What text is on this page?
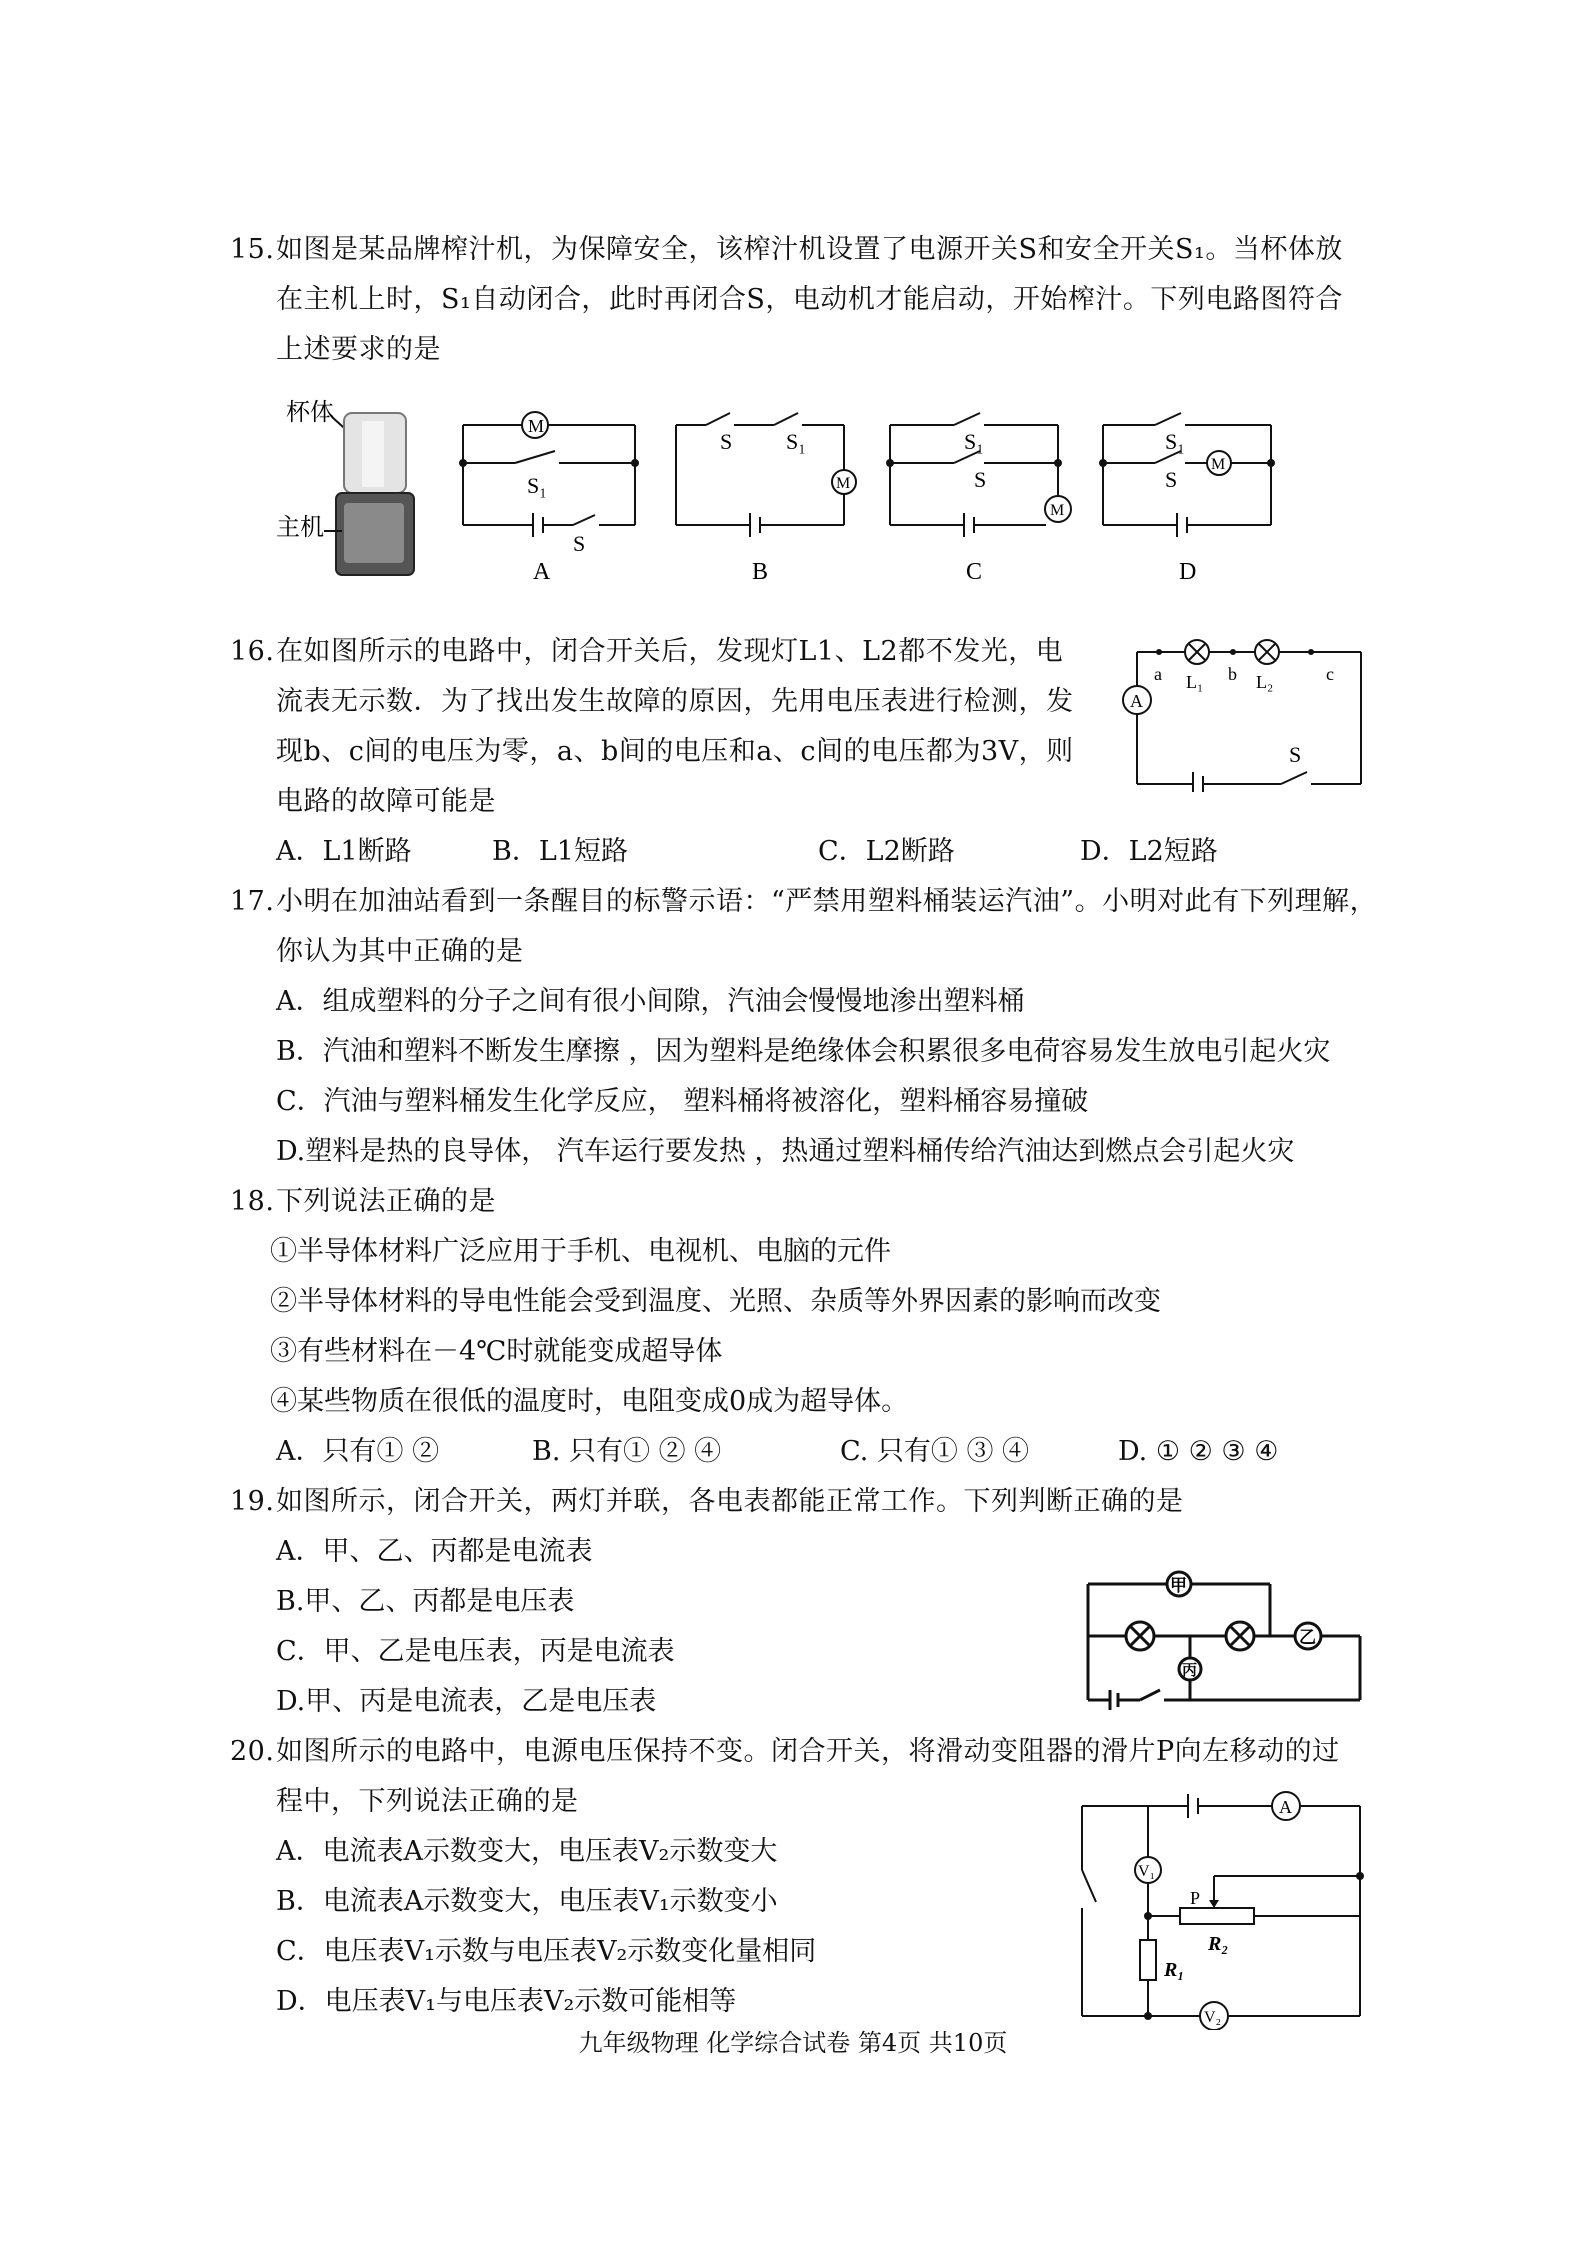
15.如图是某品牌榨汁机，为保障安全，该榨汁机设置了电源开关S和安全开关S₁。当杯体放
在主机上时，S₁自动闭合，此时再闭合S，电动机才能启动，开始榨汁。下列电路图符合
上述要求的是
杯体
主机
M
S₁
S
A
M
S S₁
B
M
S₁
S
C
M
S₁
S
D
16.在如图所示的电路中，闭合开关后，发现灯L1、L2都不发光，电
流表无示数．为了找出发生故障的原因，先用电压表进行检测，发
现b、c间的电压为零，a、b间的电压和a、c间的电压都为3V，则
电路的故障可能是
a	b	c
L₁	L₂
A
S
A．L1断路	B．L1短路	C．L2断路	D．L2短路
17.小明在加油站看到一条醒目的标警示语：“严禁用塑料桶装运汽油”。小明对此有下列理解，
你认为其中正确的是
A．组成塑料的分子之间有很小间隙，汽油会慢慢地渗出塑料桶
B．汽油和塑料不断发生摩擦 ，因为塑料是绝缘体会积累很多电荷容易发生放电引起火灾
C．汽油与塑料桶发生化学反应， 塑料桶将被溶化，塑料桶容易撞破
D.塑料是热的良导体， 汽车运行要发热 ，热通过塑料桶传给汽油达到燃点会引起火灾
18.下列说法正确的是
①半导体材料广泛应用于手机、电视机、电脑的元件
②半导体材料的导电性能会受到温度、光照、杂质等外界因素的影响而改变
③有些材料在－4℃时就能变成超导体
④某些物质在很低的温度时，电阻变成0成为超导体。
A．只有① ②	B. 只有① ② ④	C. 只有① ③ ④	D. ① ② ③ ④
19.如图所示，闭合开关，两灯并联，各电表都能正常工作。下列判断正确的是
A．甲、乙、丙都是电流表
B.甲、乙、丙都是电压表
C．甲、乙是电压表，丙是电流表
D.甲、丙是电流表，乙是电压表
甲
乙
丙
20.如图所示的电路中，电源电压保持不变。闭合开关，将滑动变阻器的滑片P向左移动的过
程中，下列说法正确的是
A．电流表A示数变大，电压表V₂示数变大
B．电流表A示数变大，电压表V₁示数变小
C．电压表V₁示数与电压表V₂示数变化量相同
D．电压表V₁与电压表V₂示数可能相等
A
V₁
V₂
P
R₂
R₁
九年级物理 化学综合试卷 第4页 共10页
